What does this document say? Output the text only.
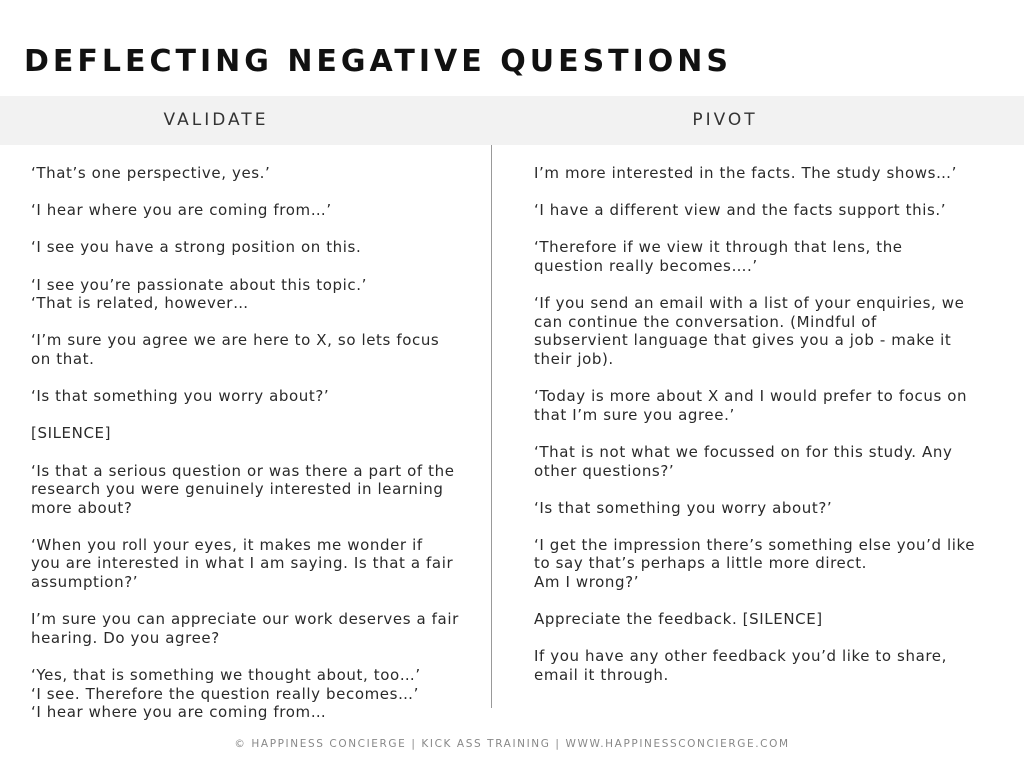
DEFLECTING NEGATIVE QUESTIONS
VALIDATE	PIVOT
‘That’s one perspective, yes.’
‘I hear where you are coming from…’
‘I see you have a strong position on this.
‘I see you’re passionate about this topic.’
‘That is related, however…
‘I’m sure you agree we are here to X, so lets focus
on that.
‘Is that something you worry about?’
[SILENCE]
‘Is that a serious question or was there a part of the
research you were genuinely interested in learning
more about?
‘When you roll your eyes, it makes me wonder if
you are interested in what I am saying. Is that a fair
assumption?’
I’m sure you can appreciate our work deserves a fair
hearing. Do you agree?
‘Yes, that is something we thought about, too…’
‘I see. Therefore the question really becomes…’
‘I hear where you are coming from…
I’m more interested in the facts. The study shows…’
‘I have a different view and the facts support this.’
‘Therefore if we view it through that lens, the
question really becomes….’
‘If you send an email with a list of your enquiries, we
can continue the conversation. (Mindful of
subservient language that gives you a job - make it
their job).
‘Today is more about X and I would prefer to focus on
that I’m sure you agree.’
‘That is not what we focussed on for this study. Any
other questions?’
‘Is that something you worry about?’
‘I get the impression there’s something else you’d like
to say that’s perhaps a little more direct.
Am I wrong?’
Appreciate the feedback. [SILENCE]
If you have any other feedback you’d like to share,
email it through.
© HAPPINESS CONCIERGE | KICK ASS TRAINING | WWW.HAPPINESSCONCIERGE.COM
